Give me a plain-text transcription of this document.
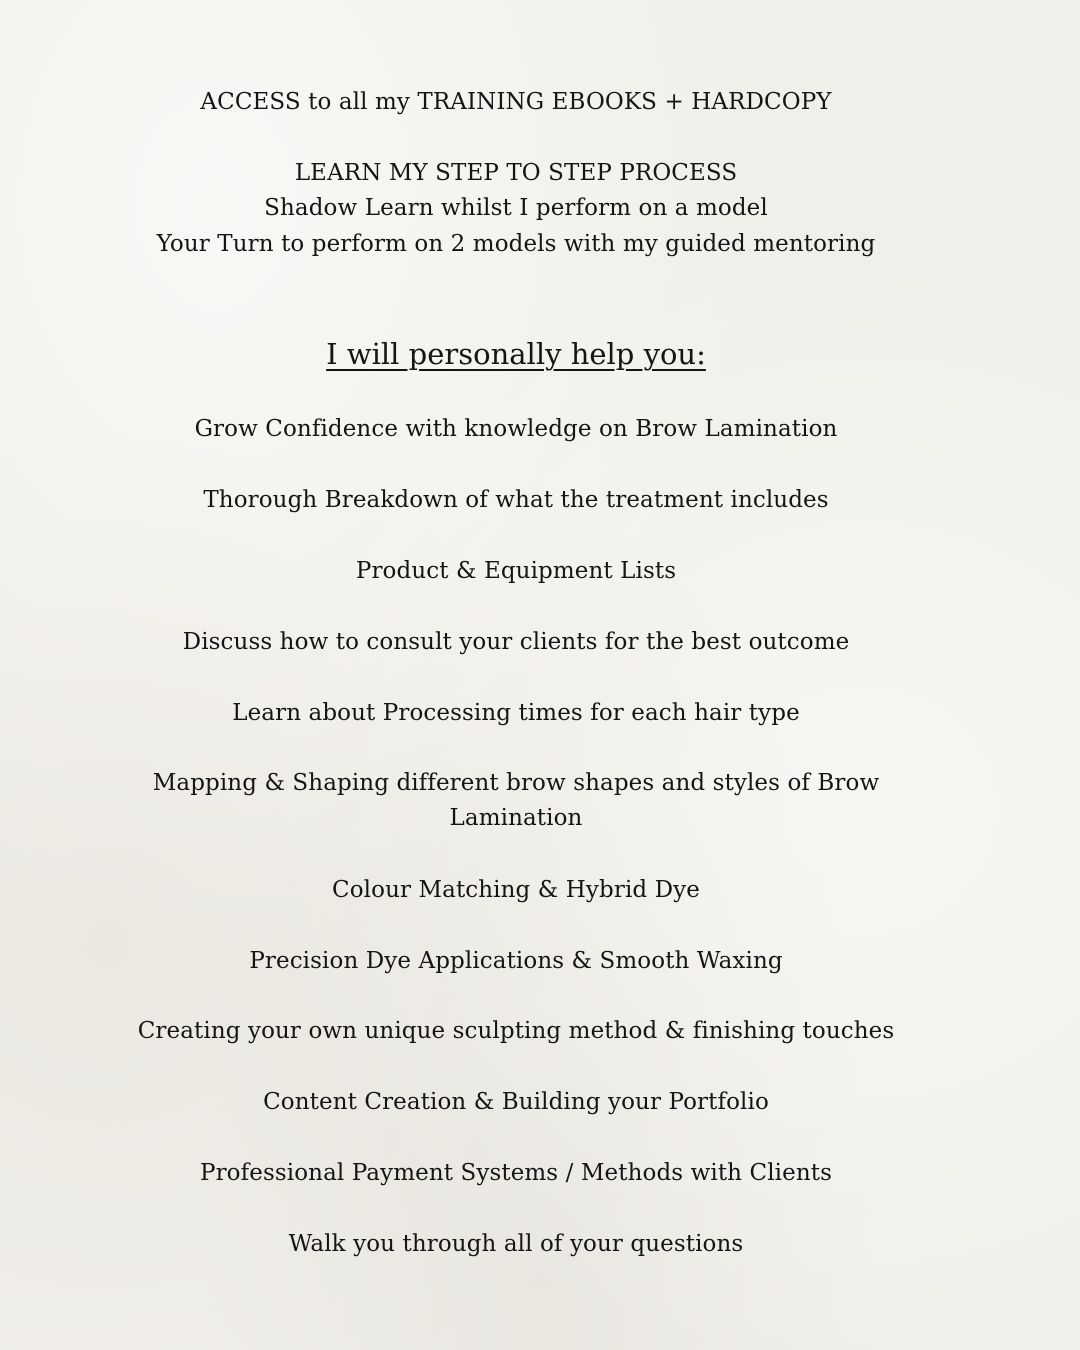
ACCESS to all my TRAINING EBOOKS + HARDCOPY
LEARN MY STEP TO STEP PROCESS
Shadow Learn whilst I perform on a model
Your Turn to perform on 2 models with my guided mentoring
I will personally help you:
Grow Confidence with knowledge on Brow Lamination
Thorough Breakdown of what the treatment includes
Product & Equipment Lists
Discuss how to consult your clients for the best outcome
Learn about Processing times for each hair type
Mapping & Shaping different brow shapes and styles of Brow Lamination
Colour Matching & Hybrid Dye
Precision Dye Applications & Smooth Waxing
Creating your own unique sculpting method & finishing touches
Content Creation & Building your Portfolio
Professional Payment Systems / Methods with Clients
Walk you through all of your questions
